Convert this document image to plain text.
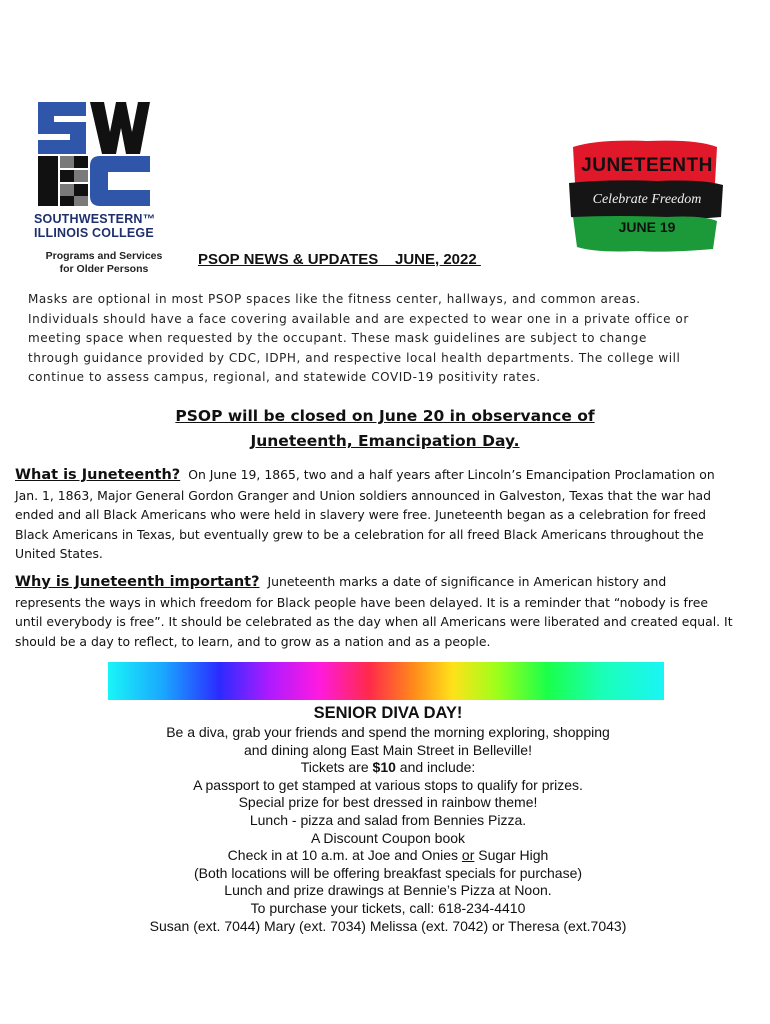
SOUTHWESTERN™
ILLINOIS COLLEGE
Programs and Services
for Older Persons
JUNETEENTH
Celebrate Freedom
JUNE 19
PSOP NEWS & UPDATES    JUNE, 2022
Masks are optional in most PSOP spaces like the fitness center, hallways, and common areas.
Individuals should have a face covering available and are expected to wear one in a private office or
meeting space when requested by the occupant. These mask guidelines are subject to change
through guidance provided by CDC, IDPH, and respective local health departments. The college will
continue to assess campus, regional, and statewide COVID-19 positivity rates.
PSOP will be closed on June 20 in observance of
Juneteenth, Emancipation Day.

What is Juneteenth? On June 19, 1865, two and a half years after Lincoln’s Emancipation Proclamation on Jan. 1, 1863, Major General Gordon Granger and Union soldiers announced in Galveston, Texas that the war had ended and all Black Americans who were held in slavery were free. Juneteenth began as a celebration for freed Black Americans in Texas, but eventually grew to be a celebration for all freed Black Americans throughout the United States.

Why is Juneteenth important? Juneteenth marks a date of significance in American history and represents the ways in which freedom for Black people have been delayed. It is a reminder that “nobody is free until everybody is free”. It should be celebrated as the day when all Americans were liberated and created equal. It should be a day to reflect, to learn, and to grow as a nation and as a people.

SENIOR DIVA DAY!

Be a diva, grab your friends and spend the morning exploring, shopping

and dining along East Main Street in Belleville!

Tickets are $10 and include:

A passport to get stamped at various stops to qualify for prizes.

Special prize for best dressed in rainbow theme!

Lunch - pizza and salad from Bennies Pizza.

A Discount Coupon book

Check in at 10 a.m. at Joe and Onies or Sugar High

(Both locations will be offering breakfast specials for purchase)

Lunch and prize drawings at Bennie’s Pizza at Noon.

To purchase your tickets, call: 618-234-4410

Susan (ext. 7044) Mary (ext. 7034) Melissa (ext. 7042) or Theresa (ext.7043)
